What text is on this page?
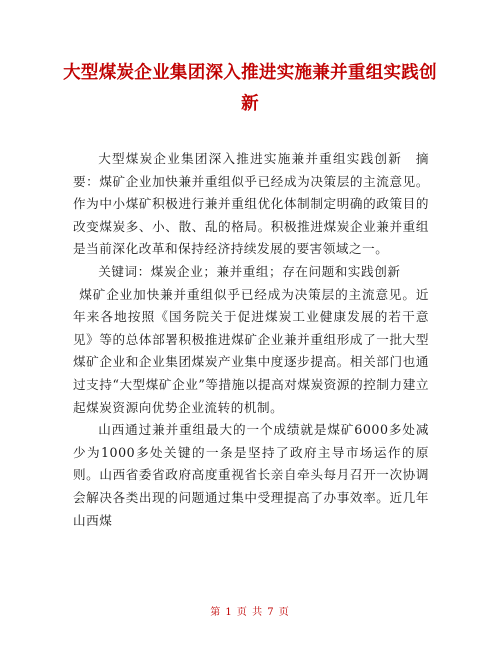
大型煤炭企业集团深入推进实施兼并重组实践创新

大型煤炭企业集团深入推进实施兼并重组实践创新　摘要：煤矿企业加快兼并重组似乎已经成为决策层的主流意见。作为中小煤矿积极进行兼并重组优化体制制定明确的政策目的改变煤炭多、小、散、乱的格局。积极推进煤炭企业兼并重组是当前深化改革和保持经济持续发展的要害领域之一。

关键词：煤炭企业；兼并重组；存在问题和实践创新

煤矿企业加快兼并重组似乎已经成为决策层的主流意见。近年来各地按照《国务院关于促进煤炭工业健康发展的若干意见》等的总体部署积极推进煤矿企业兼并重组形成了一批大型煤矿企业和企业集团煤炭产业集中度逐步提高。相关部门也通过支持“大型煤矿企业”等措施以提高对煤炭资源的控制力建立起煤炭资源向优势企业流转的机制。

山西通过兼并重组最大的一个成绩就是煤矿6000多处减少为1000多处关键的一条是坚持了政府主导市场运作的原则。山西省委省政府高度重视省长亲自牵头每月召开一次协调会解决各类出现的问题通过集中受理提高了办事效率。近几年山西煤

第 1 页 共 7 页
